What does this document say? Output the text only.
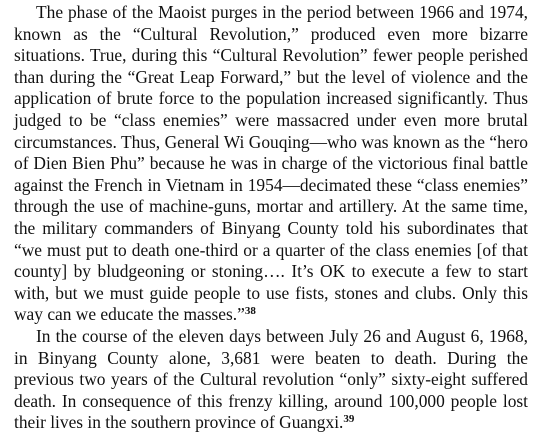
The phase of the Maoist purges in the period between 1966 and 1974, known as the “Cultural Revolution,” produced even more bizarre situations. True, during this “Cultural Revolution” fewer people perished than during the “Great Leap Forward,” but the level of violence and the application of brute force to the population increased significantly. Thus judged to be “class enemies” were massacred under even more brutal circumstances. Thus, General Wi Gouqing—who was known as the “hero of Dien Bien Phu” because he was in charge of the victorious final battle against the French in Vietnam in 1954—decimated these “class enemies” through the use of machine-guns, mortar and artillery. At the same time, the military commanders of Binyang County told his subordinates that “we must put to death one-third or a quarter of the class enemies [of that county] by bludgeoning or stoning…. It’s OK to execute a few to start with, but we must guide people to use fists, stones and clubs. Only this way can we educate the masses.”$^{38}$

In the course of the eleven days between July 26 and August 6, 1968, in Binyang County alone, 3,681 were beaten to death. During the previous two years of the Cultural revolution “only” sixty-eight suffered death. In consequence of this frenzy killing, around 100,000 people lost their lives in the southern province of Guangxi.$^{39}$
